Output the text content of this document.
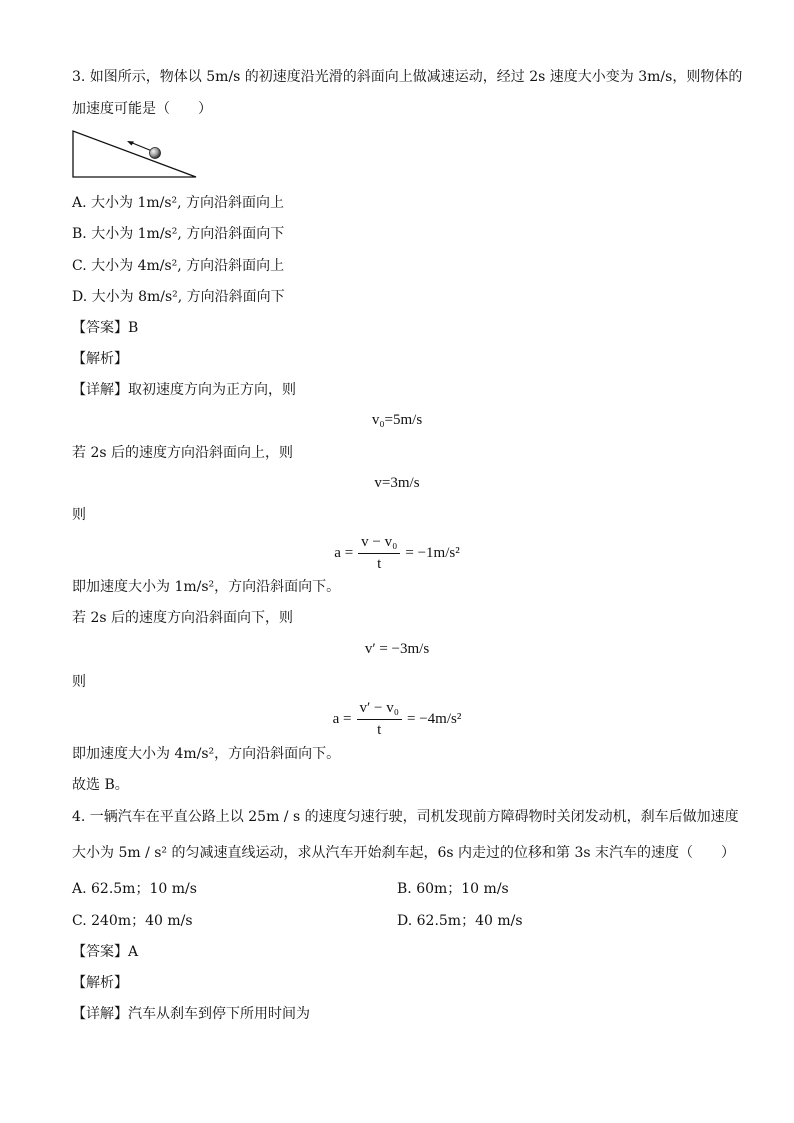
3. 如图所示，物体以 5m/s 的初速度沿光滑的斜面向上做减速运动，经过 2s 速度大小变为 3m/s，则物体的
加速度可能是（　　）
A. 大小为 1m/s², 方向沿斜面向上
B. 大小为 1m/s², 方向沿斜面向下
C. 大小为 4m/s², 方向沿斜面向上
D. 大小为 8m/s², 方向沿斜面向下
【答案】B
【解析】
【详解】取初速度方向为正方向，则
v₀=5m/s
若 2s 后的速度方向沿斜面向上，则
v=3m/s
则
$a = \frac{\text{v − v₀}}{t} = -1m/s^2$
即加速度大小为 1m/s²，方向沿斜面向下。
若 2s 后的速度方向沿斜面向下，则
v′ = −3m/s
则
$a = \frac{\text{v′ − v₀}}{t} = -4m/s^2$
即加速度大小为 4m/s²，方向沿斜面向下。
故选 B。
4. 一辆汽车在平直公路上以 25m / s 的速度匀速行驶，司机发现前方障碍物时关闭发动机，刹车后做加速度
大小为 5m / s² 的匀减速直线运动，求从汽车开始刹车起，6s 内走过的位移和第 3s 末汽车的速度（　　）
A. 62.5m；10 m/s	B. 60m；10 m/s
C. 240m；40 m/s	D. 62.5m；40 m/s
【答案】A
【解析】
【详解】汽车从刹车到停下所用时间为
